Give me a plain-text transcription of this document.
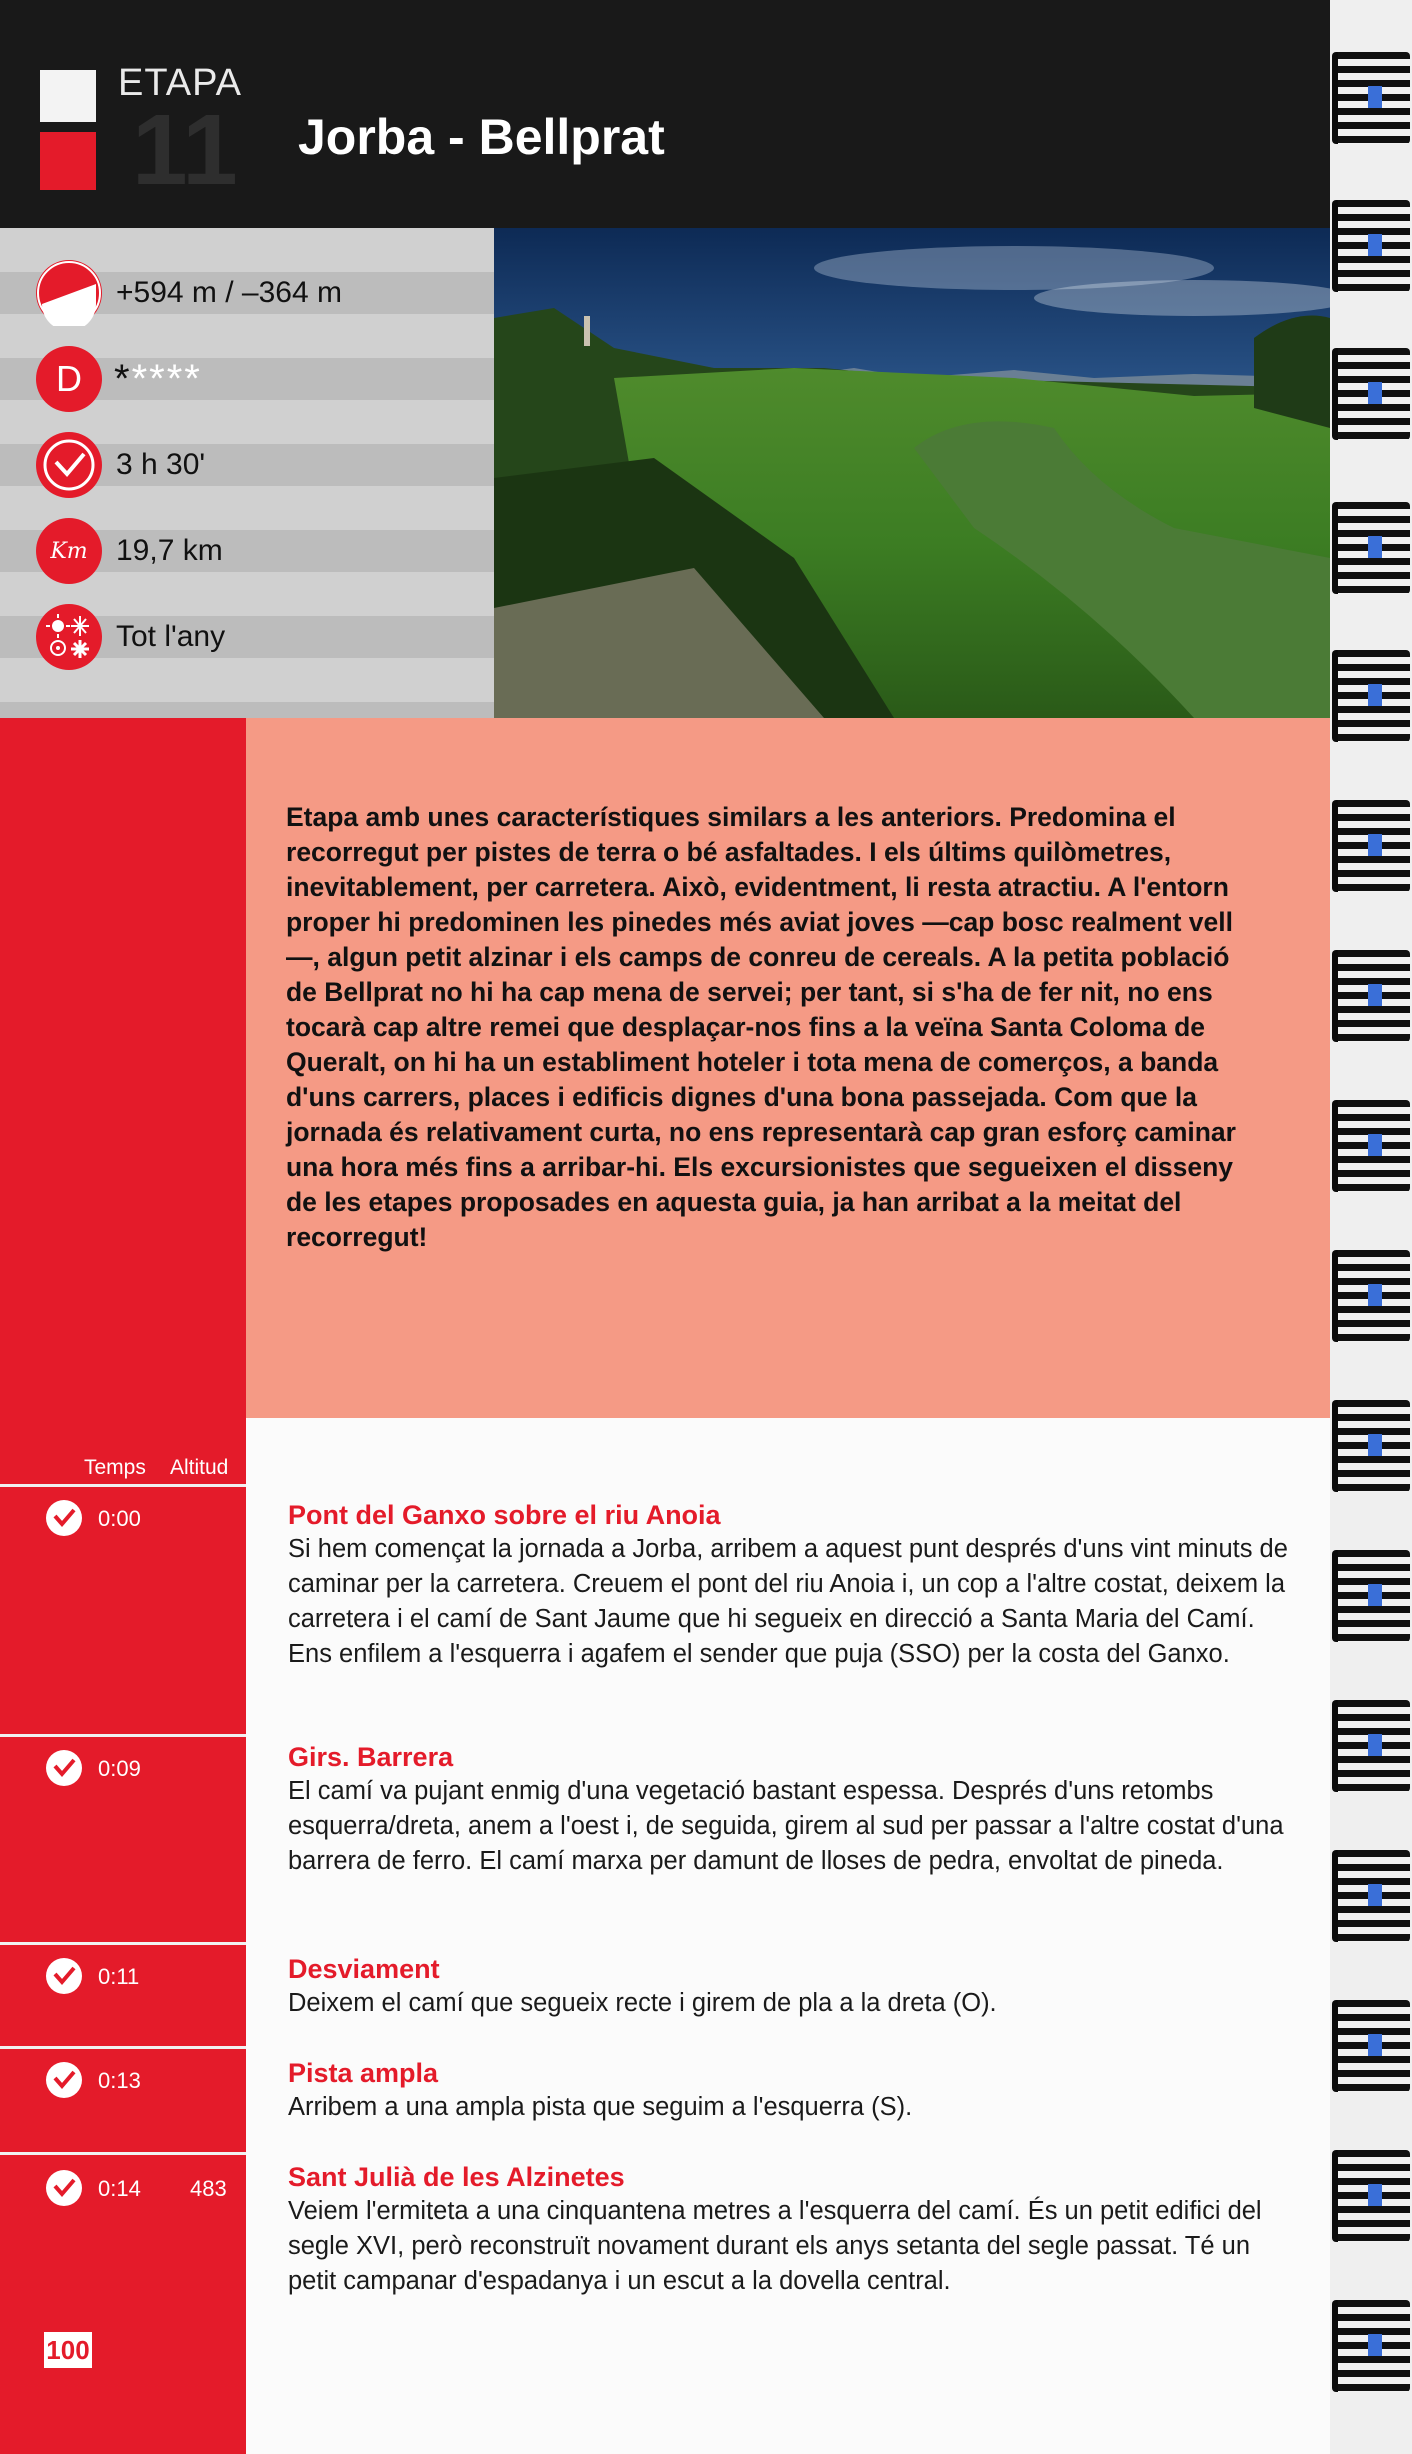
ETAPA
11 Jorba - Bellprat
+594 m / –364 m
D *****
3 h 30'
Km 19,7 km
Tot l'any

Etapa amb unes característiques similars a les anteriors. Predomina el recorregut per pistes de terra o bé asfaltades. I els últims quilòmetres, inevitablement, per carretera. Això, evidentment, li resta atractiu. A l'entorn proper hi predominen les pinedes més aviat joves —cap bosc realment vell—, algun petit alzinar i els camps de conreu de cereals. A la petita població de Bellprat no hi ha cap mena de servei; per tant, si s'ha de fer nit, no ens tocarà cap altre remei que desplaçar-nos fins a la veïna Santa Coloma de Queralt, on hi ha un establiment hoteler i tota mena de comerços, a banda d'uns carrers, places i edificis dignes d'una bona passejada. Com que la jornada és relativament curta, no ens representarà cap gran esforç caminar una hora més fins a arribar-hi. Els excursionistes que segueixen el disseny de les etapes proposades en aquesta guia, ja han arribat a la meitat del recorregut!

Pont del Ganxo sobre el riu Anoia
Si hem començat la jornada a Jorba, arribem a aquest punt després d'uns vint minuts de caminar per la carretera. Creuem el pont del riu Anoia i, un cop a l'altre costat, deixem la carretera i el camí de Sant Jaume que hi segueix en direcció a Santa Maria del Camí. Ens enfilem a l'esquerra i agafem el sender que puja (SSO) per la costa del Ganxo.
Girs. Barrera
El camí va pujant enmig d'una vegetació bastant espessa. Després d'uns retombs esquerra/dreta, anem a l'oest i, de seguida, girem al sud per passar a l'altre costat d'una barrera de ferro. El camí marxa per damunt de lloses de pedra, envoltat de pineda.
Desviament
Deixem el camí que segueix recte i girem de pla a la dreta (O).
Pista ampla
Arribem a una ampla pista que seguim a l'esquerra (S).
Sant Julià de les Alzinetes
Veiem l'ermiteta a una cinquantena metres a l'esquerra del camí. És un petit edifici del segle XVI, però reconstruït novament durant els anys setanta del segle passat. Té un petit campanar d'espadanya i un escut a la dovella central.
Temps Altitud
0:00
0:09
0:11
0:13
0:14 483
100
